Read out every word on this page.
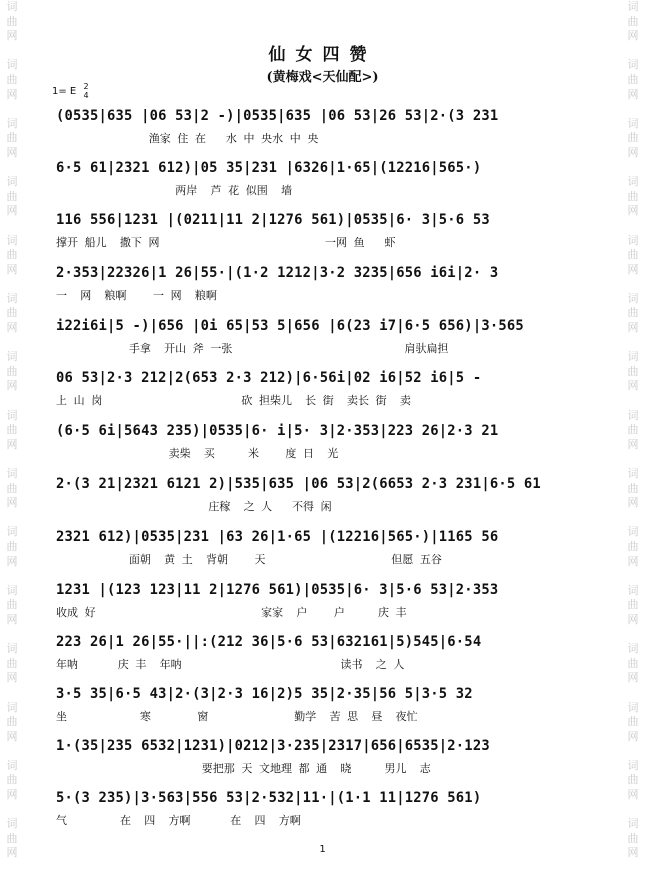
词
曲
网

词
曲
网

词
曲
网

词
曲
网

词
曲
网

词
曲
网

词
曲
网

词
曲
网

词
曲
网

词
曲
网

词
曲
网

词
曲
网

词
曲
网

词
曲
网

词
曲
网
词
曲
网

词
曲
网

词
曲
网

词
曲
网

词
曲
网

词
曲
网

词
曲
网

词
曲
网

词
曲
网

词
曲
网

词
曲
网

词
曲
网

词
曲
网

词
曲
网

词
曲
网
仙女四赞
(黄梅戏<天仙配>)
1= E 2
4
(0535|635 |06 53|2 -)|0535|635 |06 53|26 53|2·(3 231
渔家 住 在   水 中 央水 中 央
6·5 61|2321 612)|05 35|231 |6326|1·65|(12216|565·)
两岸  芦 花 似围  墙
116 556|1231 |(0211|11 2|1276 561)|0535|6· 3|5·6 53
撑开 船儿  撒下 网                         一网 鱼   虾
2·353|22326|1 26|55·|(1·2 1212|3·2 3235|656 i6i|2· 3
一  网  粮啊    一 网  粮啊
i22i6i|5 -)|656 |0i 65|53 5|656 |6(23 i7|6·5 656)|3·565
手拿  开山 斧 一张                          肩驮扁担
06 53|2·3 212|2(653 2·3 212)|6·56i|02 i6|52 i6|5 -
上 山 岗                     砍 担柴儿  长 街  卖长 街  卖
(6·5 6i|5643 235)|0535|6· i|5· 3|2·353|223 26|2·3 21
卖柴  买     米    度 日  光
2·(3 21|2321 6121 2)|535|635 |06 53|2(6653 2·3 231|6·5 61
庄稼  之 人   不得 闲
2321 612)|0535|231 |63 26|1·65 |(12216|565·)|1165 56
面朝  黄 土  背朝    天                   但愿 五谷
1231 |(123 123|11 2|1276 561)|0535|6· 3|5·6 53|2·353
收成 好                         家家  户    户     庆 丰
223 26|1 26|55·||:(212 36|5·6 53|632161|5)545|6·54
年呐      庆 丰  年呐                        读书  之 人
3·5 35|6·5 43|2·(3|2·3 16|2)5 35|2·35|56 5|3·5 32
坐           寒       窗             勤学  苦 思  昼  夜忙
1·(35|235 6532|1231)|0212|3·235|2317|656|6535|2·123
要把那 天 文地理 都 通  晓     男儿  志
5·(3 235)|3·563|556 53|2·532|11·|(1·1 11|1276 561)
气        在  四  方啊      在  四  方啊
1
